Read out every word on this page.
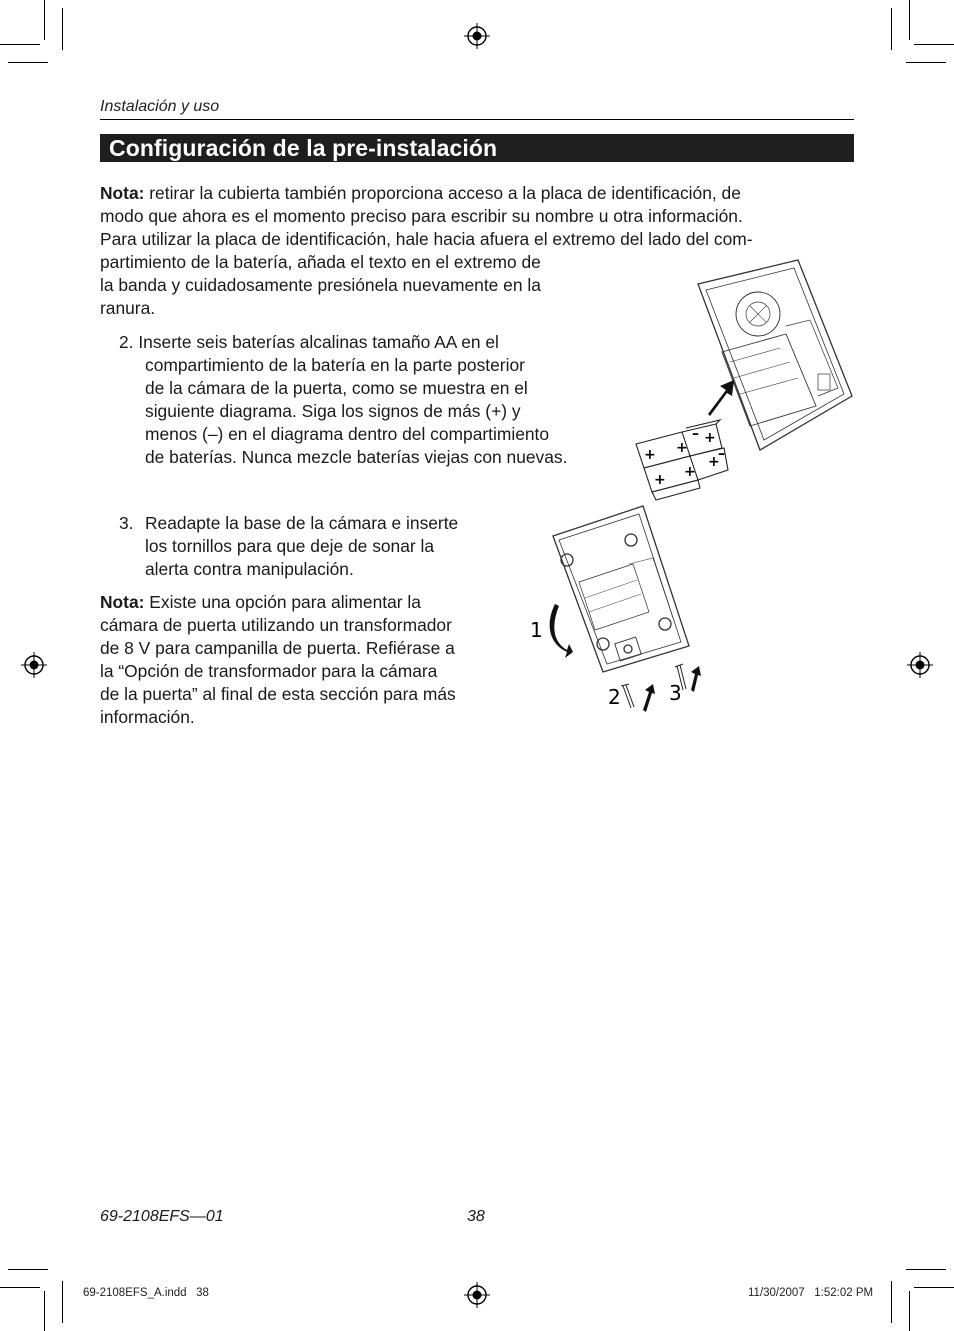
Instalación y uso
Configuración de la pre-instalación
Nota: retirar la cubierta también proporciona acceso a la placa de identificación, de
modo que ahora es el momento preciso para escribir su nombre u otra información.
Para utilizar la placa de identificación, hale hacia afuera el extremo del lado del com-
partimiento de la batería, añada el texto en el extremo de
la banda y cuidadosamente presiónela nuevamente en la
ranura.
2. Inserte seis baterías alcalinas tamaño AA en el
compartimiento de la batería en la parte posterior
de la cámara de la puerta, como se muestra en el
siguiente diagrama. Siga los signos de más (+) y
menos (–) en el diagrama dentro del compartimiento
de baterías. Nunca mezcle baterías viejas con nuevas.
3. Readapte la base de la cámara e inserte
los tornillos para que deje de sonar la
alerta contra manipulación.
Nota: Existe una opción para alimentar la
cámara de puerta utilizando un transformador
de 8 V para campanilla de puerta. Refiérase a
la “Opción de transformador para la cámara
de la puerta” al final de esta sección para más
información.
+
+
+
+
+
+
–
–
1
2 3
69-2108EFS—01	38
69-2108EFS_A.indd   38	11/30/2007   1:52:02 PM
